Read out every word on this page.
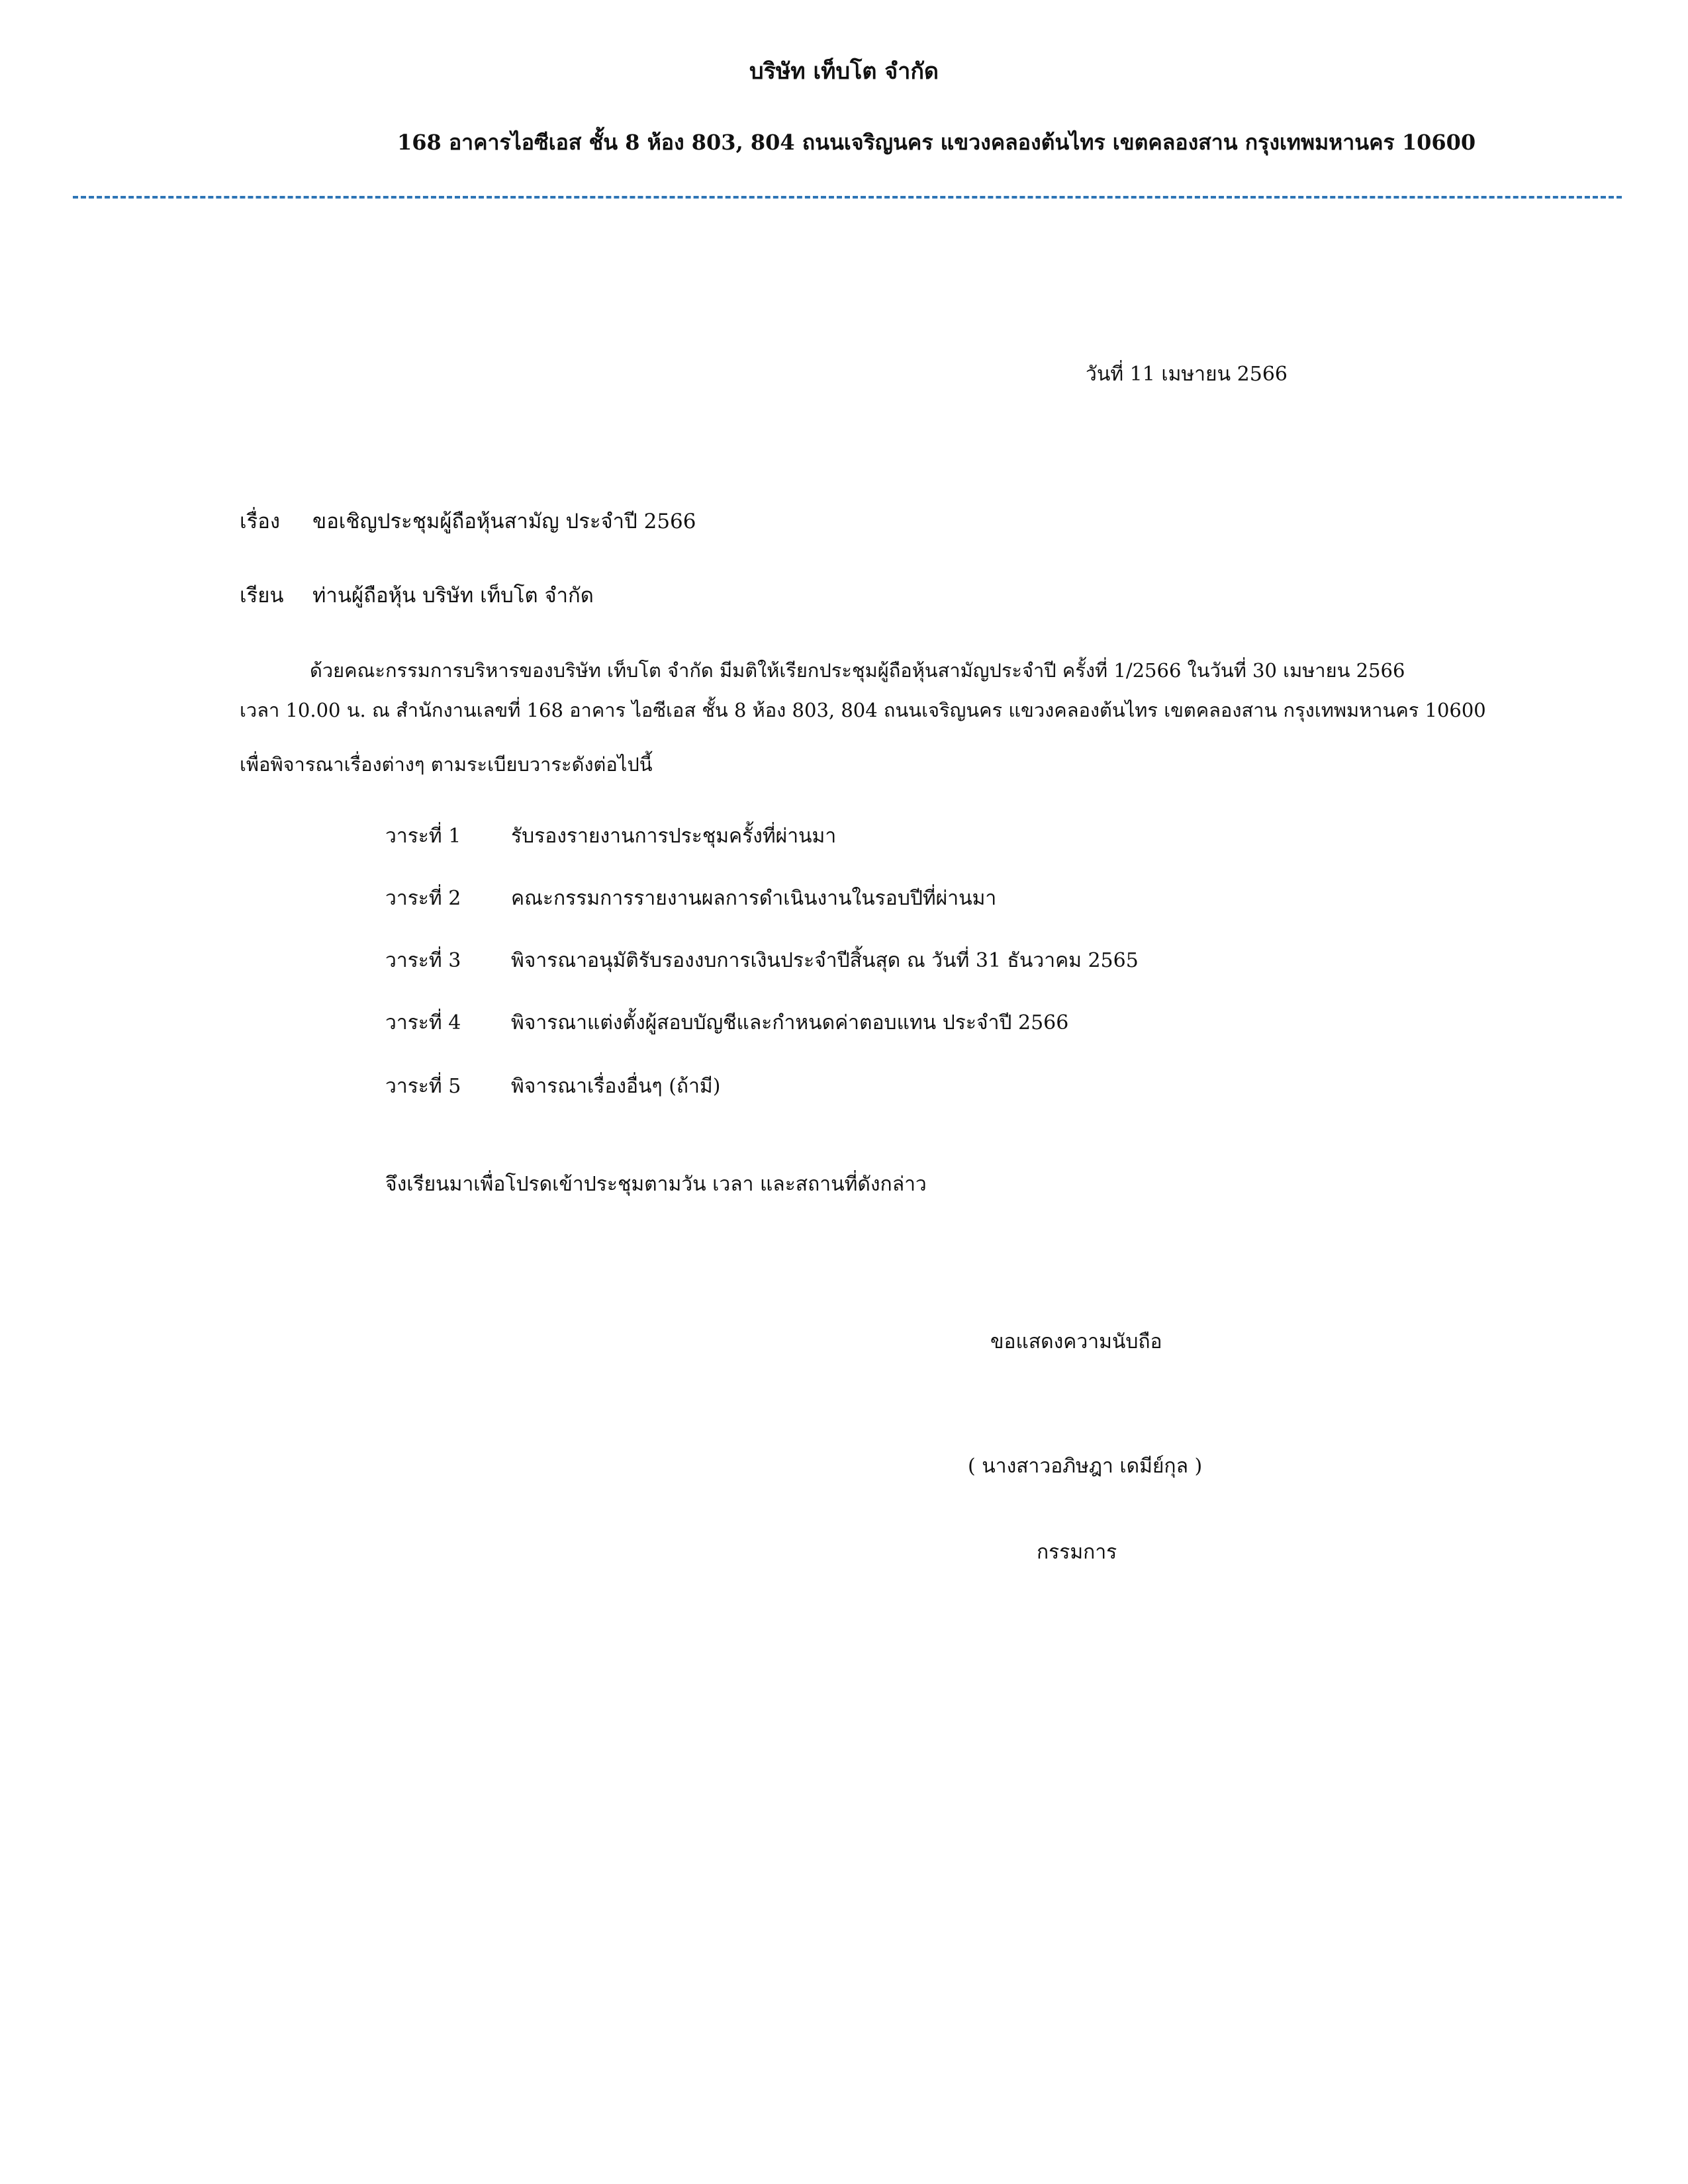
บริษัท เท็บโต จำกัด
168 อาคารไอซีเอส ชั้น 8 ห้อง 803, 804 ถนนเจริญนคร แขวงคลองต้นไทร เขตคลองสาน กรุงเทพมหานคร 10600
วันที่ 11 เมษายน 2566
เรื่อง ขอเชิญประชุมผู้ถือหุ้นสามัญ ประจำปี 2566
เรียน ท่านผู้ถือหุ้น บริษัท เท็บโต จำกัด
ด้วยคณะกรรมการบริหารของบริษัท เท็บโต จำกัด มีมติให้เรียกประชุมผู้ถือหุ้นสามัญประจำปี ครั้งที่ 1/2566 ในวันที่ 30 เมษายน 2566
เวลา 10.00 น. ณ สำนักงานเลขที่ 168 อาคาร ไอซีเอส ชั้น 8 ห้อง 803, 804 ถนนเจริญนคร แขวงคลองต้นไทร เขตคลองสาน กรุงเทพมหานคร 10600
เพื่อพิจารณาเรื่องต่างๆ ตามระเบียบวาระดังต่อไปนี้
วาระที่ 1	รับรองรายงานการประชุมครั้งที่ผ่านมา
วาระที่ 2	คณะกรรมการรายงานผลการดำเนินงานในรอบปีที่ผ่านมา
วาระที่ 3	พิจารณาอนุมัติรับรองงบการเงินประจำปีสิ้นสุด ณ วันที่ 31 ธันวาคม 2565
วาระที่ 4	พิจารณาแต่งตั้งผู้สอบบัญชีและกำหนดค่าตอบแทน ประจำปี 2566
วาระที่ 5	พิจารณาเรื่องอื่นๆ (ถ้ามี)
จึงเรียนมาเพื่อโปรดเข้าประชุมตามวัน เวลา และสถานที่ดังกล่าว
ขอแสดงความนับถือ
( นางสาวอภิษฎา เดมีย์กุล )
กรรมการ
